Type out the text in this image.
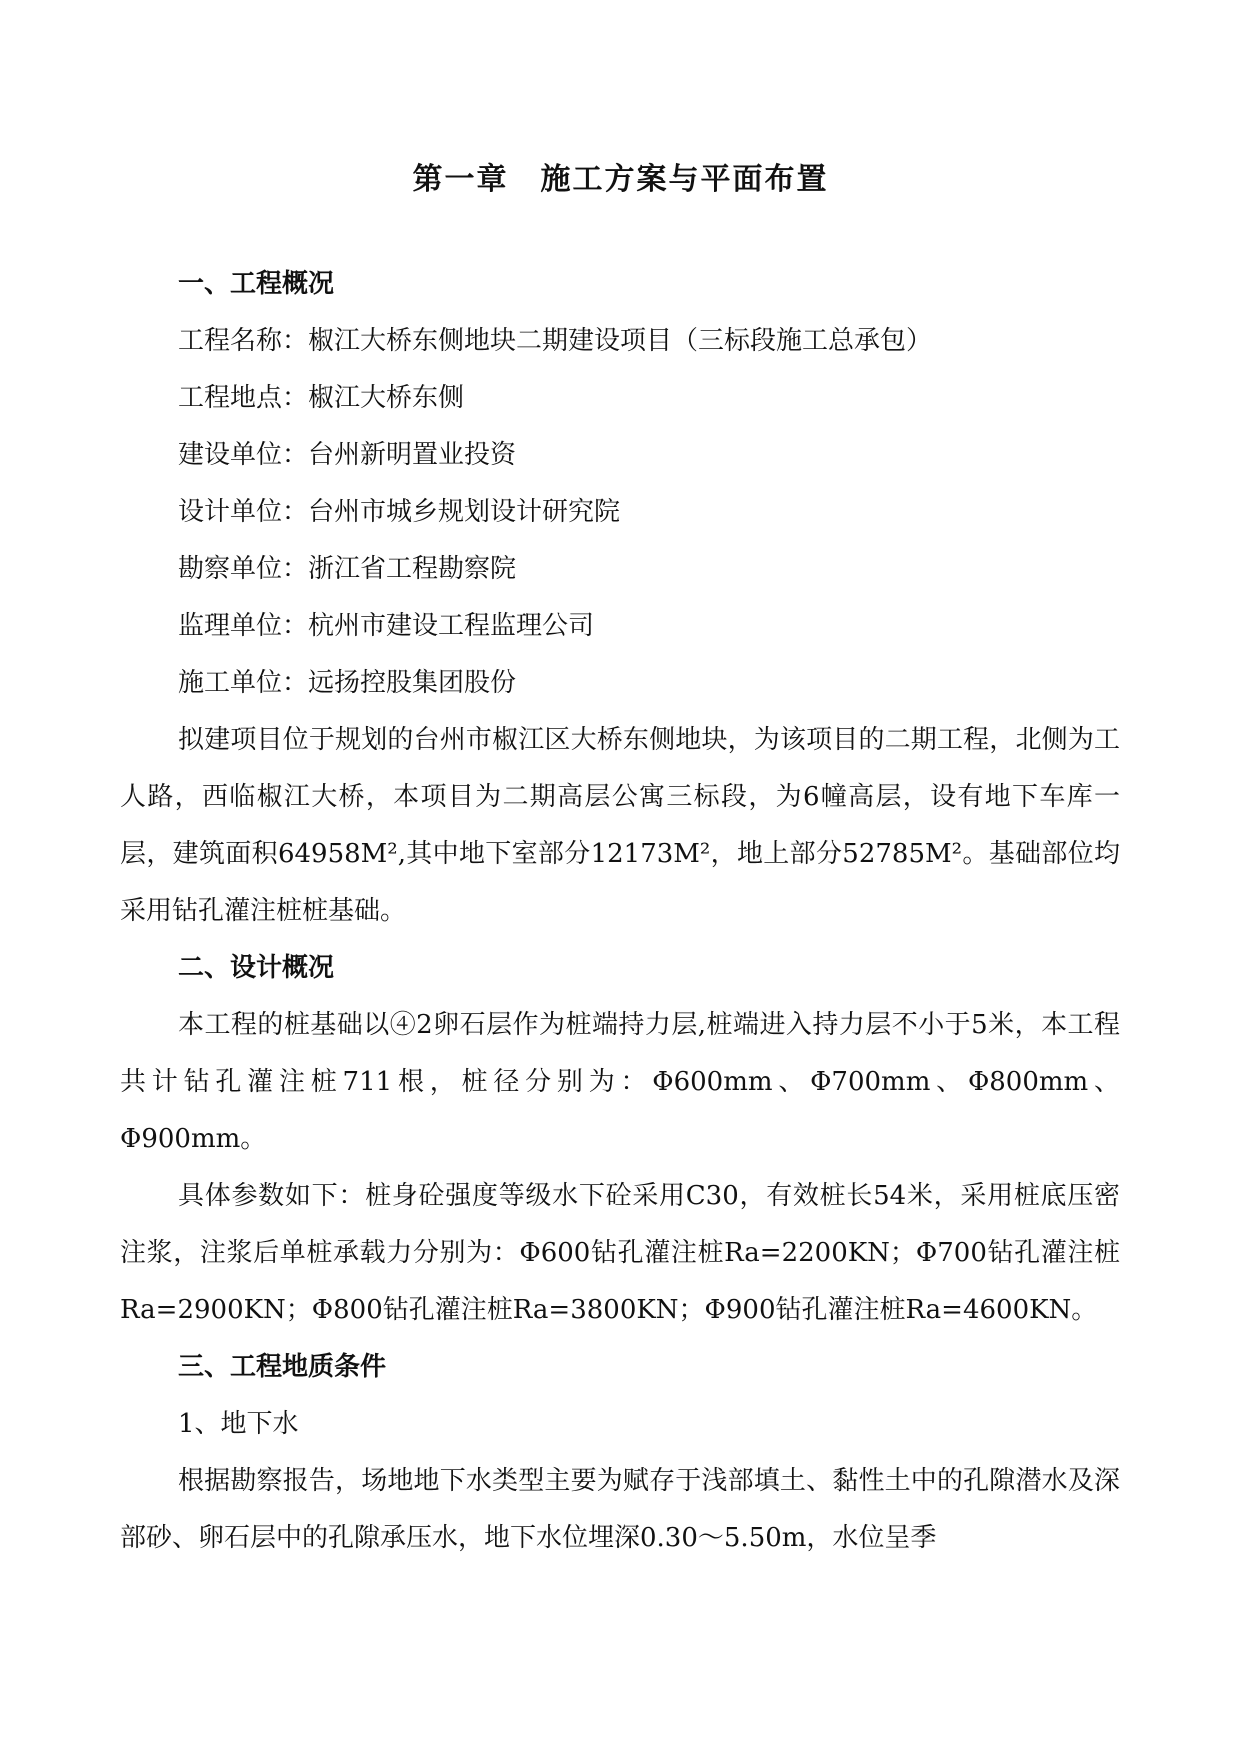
第一章　施工方案与平面布置

一、工程概况

工程名称：椒江大桥东侧地块二期建设项目（三标段施工总承包）

工程地点：椒江大桥东侧

建设单位：台州新明置业投资

设计单位：台州市城乡规划设计研究院

勘察单位：浙江省工程勘察院

监理单位：杭州市建设工程监理公司

施工单位：远扬控股集团股份

拟建项目位于规划的台州市椒江区大桥东侧地块，为该项目的二期工程，北侧为工人路，西临椒江大桥，本项目为二期高层公寓三标段，为6幢高层，设有地下车库一层，建筑面积64958M²,其中地下室部分12173M²，地上部分52785M²。基础部位均采用钻孔灌注桩桩基础。

二、设计概况

本工程的桩基础以④2卵石层作为桩端持力层,桩端进入持力层不小于5米，本工程共计钻孔灌注桩711根，桩径分别为：Φ600mm、Φ700mm、Φ800mm、Φ900mm。

具体参数如下：桩身砼强度等级水下砼采用C30，有效桩长54米，采用桩底压密注浆，注浆后单桩承载力分别为：Φ600钻孔灌注桩Ra=2200KN；Φ700钻孔灌注桩Ra=2900KN；Φ800钻孔灌注桩Ra=3800KN；Φ900钻孔灌注桩Ra=4600KN。

三、工程地质条件

1、地下水

根据勘察报告，场地地下水类型主要为赋存于浅部填土、黏性土中的孔隙潜水及深部砂、卵石层中的孔隙承压水，地下水位埋深0.30～5.50m，水位呈季
